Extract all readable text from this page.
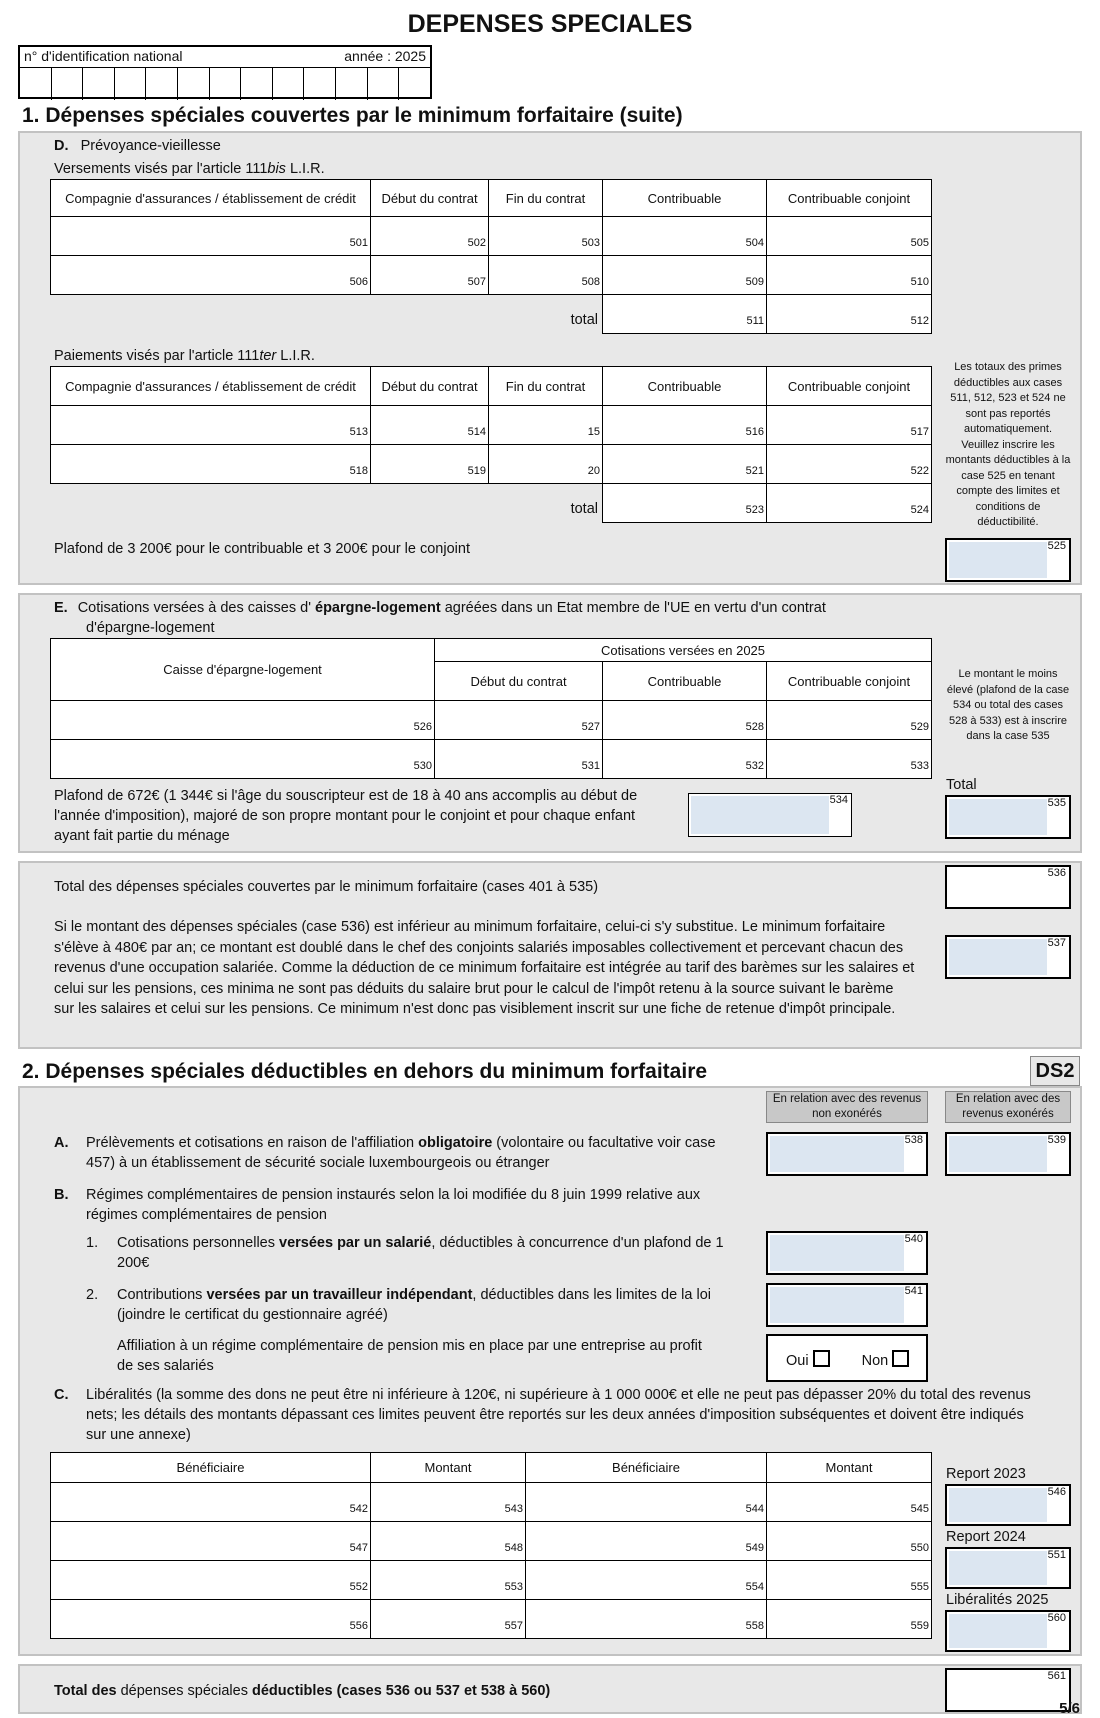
DEPENSES SPECIALES
n° d'identification national	année : 2025
1. Dépenses spéciales couvertes par le minimum forfaitaire (suite)
D. Prévoyance-vieillesse
Versements visés par l'article 111bis L.I.R.
Compagnie d'assurances / établissement de crédit	Début du contrat	Fin du contrat	Contribuable	Contribuable conjoint

501	502	503	504	505

506	507	508	509	510

total			511	512
Paiements visés par l'article 111ter L.I.R.
Compagnie d'assurances / établissement de crédit	Début du contrat	Fin du contrat	Contribuable	Contribuable conjoint

513	514	15	516	517

518	519	20	521	522

total			523	524
Les totaux des primes déductibles aux cases 511, 512, 523 et 524 ne sont pas reportés automatiquement. Veuillez inscrire les montants déductibles à la case 525 en tenant compte des limites et conditions de déductibilité.
Plafond de 3 200€ pour le contribuable et 3 200€ pour le conjoint	525
E. Cotisations versées à des caisses d' épargne-logement agréées dans un Etat membre de l'UE en vertu d'un contrat
d'épargne-logement
Caisse d'épargne-logement	Cotisations versées en 2025		
	Début du contrat	Contribuable	Contribuable conjoint

526	527	528	529

530	531	532	533
Le montant le moins élevé (plafond de la case 534 ou total des cases 528 à 533) est à inscrire dans la case 535
Plafond de 672€ (1 344€ si l'âge du souscripteur est de 18 à 40 ans accomplis au début de l'année d'imposition), majoré de son propre montant pour le conjoint et pour chaque enfant ayant fait partie du ménage
534
Total
535
Total des dépenses spéciales couvertes par le minimum forfaitaire (cases 401 à 535)
536
Si le montant des dépenses spéciales (case 536) est inférieur au minimum forfaitaire, celui-ci s'y substitue. Le minimum forfaitaire s'élève à 480€ par an; ce montant est doublé dans le chef des conjoints salariés imposables collectivement et percevant chacun des revenus d'une occupation salariée. Comme la déduction de ce minimum forfaitaire est intégrée au tarif des barèmes sur les salaires et celui sur les pensions, ces minima ne sont pas déduits du salaire brut pour le calcul de l'impôt retenu à la source suivant le barème sur les salaires et celui sur les pensions. Ce minimum n'est donc pas visiblement inscrit sur une fiche de retenue d'impôt principale.
537
2. Dépenses spéciales déductibles en dehors du minimum forfaitaire	DS2
En relation avec des revenus non exonérés
En relation avec des revenus exonérés
A. Prélèvements et cotisations en raison de l'affiliation obligatoire (volontaire ou facultative voir case 457) à un établissement de sécurité sociale luxembourgeois ou étranger
538	539
B. Régimes complémentaires de pension instaurés selon la loi modifiée du 8 juin 1999 relative aux régimes complémentaires de pension
1. Cotisations personnelles versées par un salarié, déductibles à concurrence d'un plafond de 1 200€
540
2. Contributions versées par un travailleur indépendant, déductibles dans les limites de la loi (joindre le certificat du gestionnaire agréé)
541
Affiliation à un régime complémentaire de pension mis en place par une entreprise au profit de ses salariés	Oui	Non
C. Libéralités (la somme des dons ne peut être ni inférieure à 120€, ni supérieure à 1 000 000€ et elle ne peut pas dépasser 20% du total des revenus nets; les détails des montants dépassant ces limites peuvent être reportés sur les deux années d'imposition subséquentes et doivent être indiqués sur une annexe)
Bénéficiaire	Montant	Bénéficiaire	Montant

542	543	544	545

547	548	549	550

552	553	554	555

556	557	558	559
Report 2023
546
Report 2024
551
Libéralités 2025
560
Total des dépenses spéciales déductibles (cases 536 ou 537 et 538 à 560)
561
5/6
